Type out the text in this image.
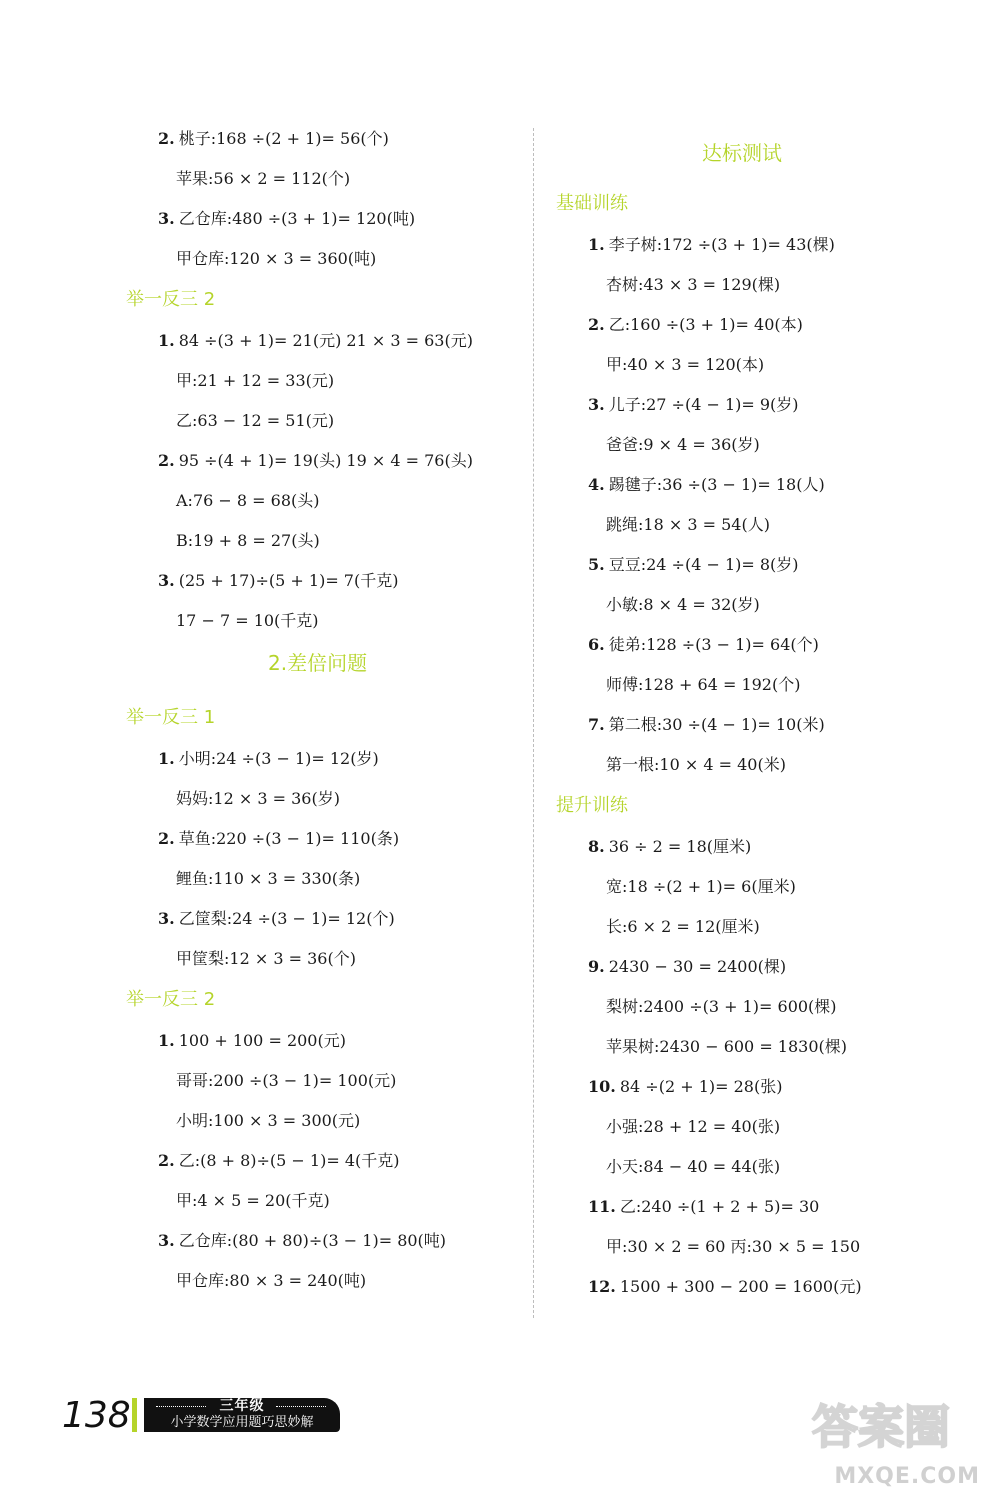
2. 桃子:168 ÷(2 + 1)= 56(个)
苹果:56 × 2 = 112(个)
3. 乙仓库:480 ÷(3 + 1)= 120(吨)
甲仓库:120 × 3 = 360(吨)
举一反三 2
1. 84 ÷(3 + 1)= 21(元) 21 × 3 = 63(元)
甲:21 + 12 = 33(元)
乙:63 − 12 = 51(元)
2. 95 ÷(4 + 1)= 19(头) 19 × 4 = 76(头)
A:76 − 8 = 68(头)
B:19 + 8 = 27(头)
3. (25 + 17)÷(5 + 1)= 7(千克)
17 − 7 = 10(千克)
2.差倍问题
举一反三 1
1. 小明:24 ÷(3 − 1)= 12(岁)
妈妈:12 × 3 = 36(岁)
2. 草鱼:220 ÷(3 − 1)= 110(条)
鲤鱼:110 × 3 = 330(条)
3. 乙筐梨:24 ÷(3 − 1)= 12(个)
甲筐梨:12 × 3 = 36(个)
举一反三 2
1. 100 + 100 = 200(元)
哥哥:200 ÷(3 − 1)= 100(元)
小明:100 × 3 = 300(元)
2. 乙:(8 + 8)÷(5 − 1)= 4(千克)
甲:4 × 5 = 20(千克)
3. 乙仓库:(80 + 80)÷(3 − 1)= 80(吨)
甲仓库:80 × 3 = 240(吨)
达标测试
基础训练
1. 李子树:172 ÷(3 + 1)= 43(棵)
杏树:43 × 3 = 129(棵)
2. 乙:160 ÷(3 + 1)= 40(本)
甲:40 × 3 = 120(本)
3. 儿子:27 ÷(4 − 1)= 9(岁)
爸爸:9 × 4 = 36(岁)
4. 踢毽子:36 ÷(3 − 1)= 18(人)
跳绳:18 × 3 = 54(人)
5. 豆豆:24 ÷(4 − 1)= 8(岁)
小敏:8 × 4 = 32(岁)
6. 徒弟:128 ÷(3 − 1)= 64(个)
师傅:128 + 64 = 192(个)
7. 第二根:30 ÷(4 − 1)= 10(米)
第一根:10 × 4 = 40(米)
提升训练
8. 36 ÷ 2 = 18(厘米)
宽:18 ÷(2 + 1)= 6(厘米)
长:6 × 2 = 12(厘米)
9. 2430 − 30 = 2400(棵)
梨树:2400 ÷(3 + 1)= 600(棵)
苹果树:2430 − 600 = 1830(棵)
10. 84 ÷(2 + 1)= 28(张)
小强:28 + 12 = 40(张)
小天:84 − 40 = 44(张)
11. 乙:240 ÷(1 + 2 + 5)= 30
甲:30 × 2 = 60 丙:30 × 5 = 150
12. 1500 + 300 − 200 = 1600(元)
138	三年级
小学数学应用题巧思妙解	答案圈
MXQE.COM
